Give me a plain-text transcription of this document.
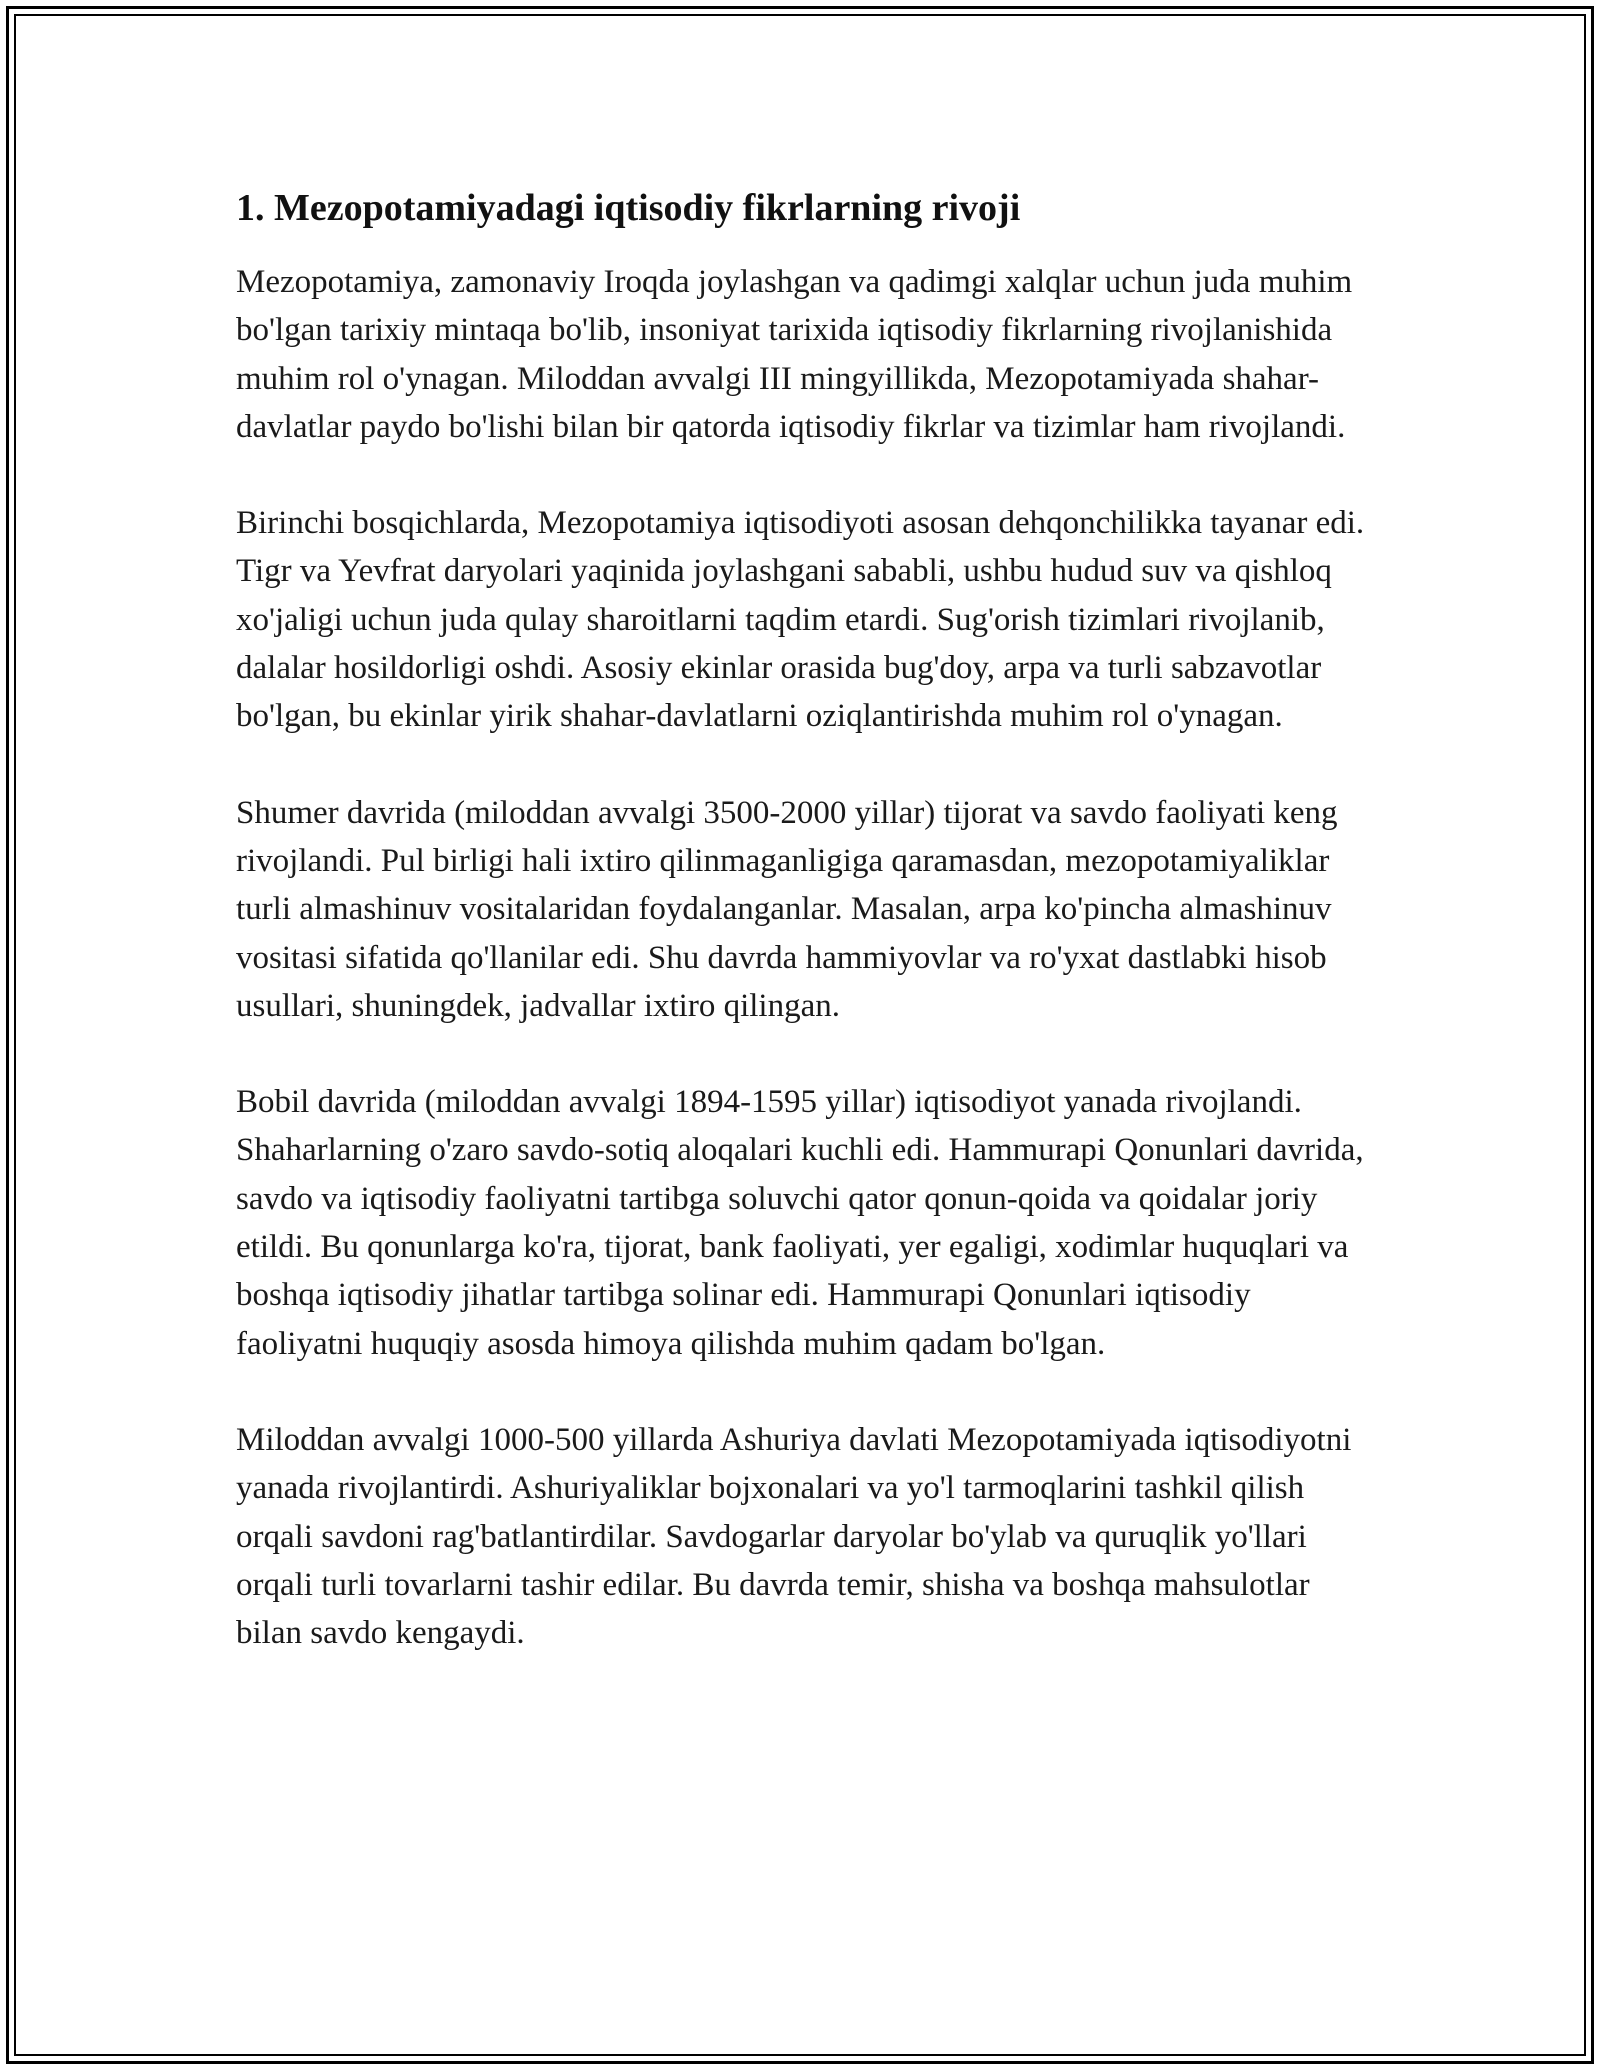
1. Mezopotamiyadagi iqtisodiy fikrlarning rivoji

Mezopotamiya, zamonaviy Iroqda joylashgan va qadimgi xalqlar uchun juda muhim bo'lgan tarixiy mintaqa bo'lib, insoniyat tarixida iqtisodiy fikrlarning rivojlanishida muhim rol o'ynagan. Miloddan avvalgi III mingyillikda, Mezopotamiyada shahar-davlatlar paydo bo'lishi bilan bir qatorda iqtisodiy fikrlar va tizimlar ham rivojlandi.

Birinchi bosqichlarda, Mezopotamiya iqtisodiyoti asosan dehqonchilikka tayanar edi. Tigr va Yevfrat daryolari yaqinida joylashgani sababli, ushbu hudud suv va qishloq xo'jaligi uchun juda qulay sharoitlarni taqdim etardi. Sug'orish tizimlari rivojlanib, dalalar hosildorligi oshdi. Asosiy ekinlar orasida bug'doy, arpa va turli sabzavotlar bo'lgan, bu ekinlar yirik shahar-davlatlarni oziqlantirishda muhim rol o'ynagan.

Shumer davrida (miloddan avvalgi 3500-2000 yillar) tijorat va savdo faoliyati keng rivojlandi. Pul birligi hali ixtiro qilinmaganligiga qaramasdan, mezopotamiyaliklar turli almashinuv vositalaridan foydalanganlar. Masalan, arpa ko'pincha almashinuv vositasi sifatida qo'llanilar edi. Shu davrda hammiyovlar va ro'yxat dastlabki hisob usullari, shuningdek, jadvallar ixtiro qilingan.

Bobil davrida (miloddan avvalgi 1894-1595 yillar) iqtisodiyot yanada rivojlandi. Shaharlarning o'zaro savdo-sotiq aloqalari kuchli edi. Hammurapi Qonunlari davrida, savdo va iqtisodiy faoliyatni tartibga soluvchi qator qonun-qoida va qoidalar joriy etildi. Bu qonunlarga ko'ra, tijorat, bank faoliyati, yer egaligi, xodimlar huquqlari va boshqa iqtisodiy jihatlar tartibga solinar edi. Hammurapi Qonunlari iqtisodiy faoliyatni huquqiy asosda himoya qilishda muhim qadam bo'lgan.

Miloddan avvalgi 1000-500 yillarda Ashuriya davlati Mezopotamiyada iqtisodiyotni yanada rivojlantirdi. Ashuriyaliklar bojxonalari va yo'l tarmoqlarini tashkil qilish orqali savdoni rag'batlantirdilar. Savdogarlar daryolar bo'ylab va quruqlik yo'llari orqali turli tovarlarni tashir edilar. Bu davrda temir, shisha va boshqa mahsulotlar bilan savdo kengaydi.
